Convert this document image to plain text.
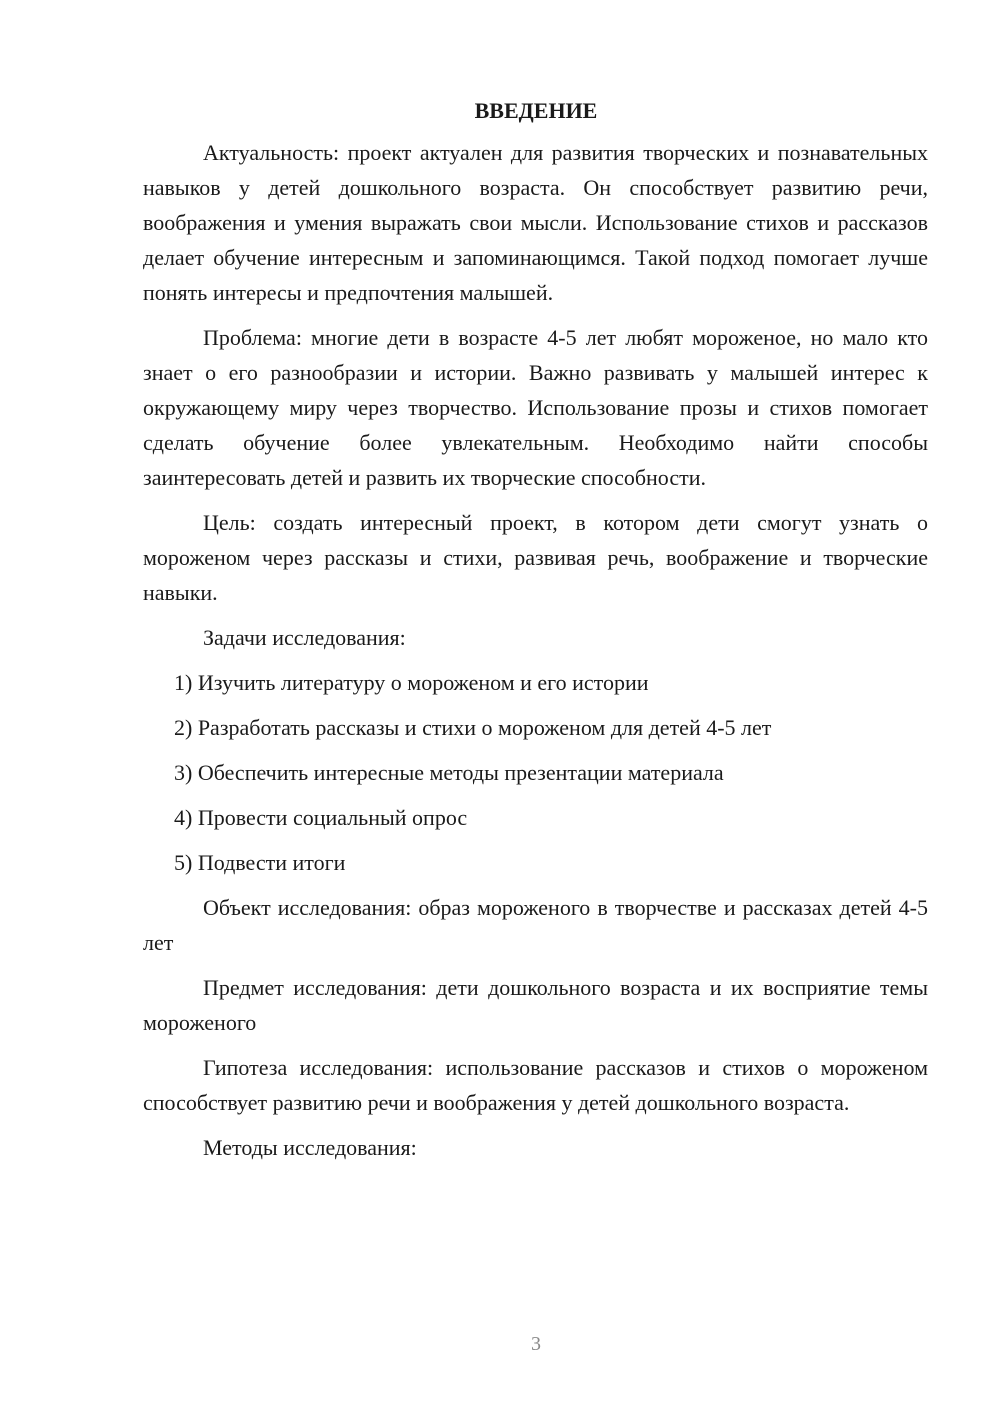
ВВЕДЕНИЕ

Актуальность: проект актуален для развития творческих и познавательных навыков у детей дошкольного возраста. Он способствует развитию речи, воображения и умения выражать свои мысли. Использование стихов и рассказов делает обучение интересным и запоминающимся. Такой подход помогает лучше понять интересы и предпочтения малышей.

Проблема: многие дети в возрасте 4-5 лет любят мороженое, но мало кто знает о его разнообразии и истории. Важно развивать у малышей интерес к окружающему миру через творчество. Использование прозы и стихов помогает сделать обучение более увлекательным. Необходимо найти способы заинтересовать детей и развить их творческие способности.

Цель: создать интересный проект, в котором дети смогут узнать о мороженом через рассказы и стихи, развивая речь, воображение и творческие навыки.

Задачи исследования:

1) Изучить литературу о мороженом и его истории
2) Разработать рассказы и стихи о мороженом для детей 4-5 лет
3) Обеспечить интересные методы презентации материала
4) Провести социальный опрос
5) Подвести итоги

Объект исследования: образ мороженого в творчестве и рассказах детей 4-5 лет

Предмет исследования: дети дошкольного возраста и их восприятие темы мороженого

Гипотеза исследования: использование рассказов и стихов о мороженом способствует развитию речи и воображения у детей дошкольного возраста.

Методы исследования:

3
